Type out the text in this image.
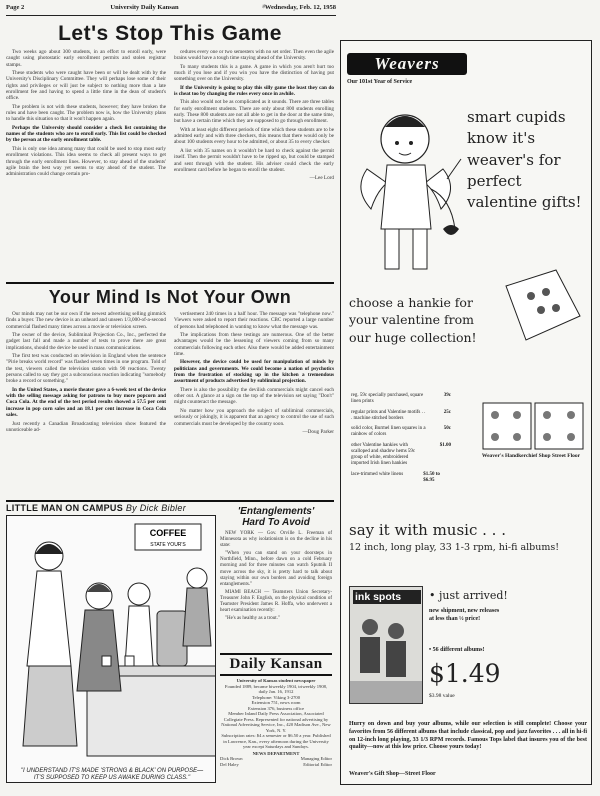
Page 2	University Daily Kansan	Wednesday, Feb. 12, 1958
Let's Stop This Game

Two weeks ago about 300 students, in an effort to enroll early, were caught using photostatic early enrollment permits and stolen registrar stamps.

These students who were caught have been or will be dealt with by the University's Disciplinary Committee. They will perhaps lose some of their rights and privileges or will just be subject to nothing more than a late enrollment fee and having to spend a little time in the dean of student's office.

The problem is not with these students, however; they have broken the rules and have been caught. The problem now is, how the University plans to handle this situation so that it won't happen again.

Perhaps the University should consider a check list containing the names of the students who are to enroll early. This list could be checked by the person at the early enrollment table.

This is only one idea among many that could be used to stop most early enrollment violations. This idea seems to check all present ways to get through the early enrollment lines. However, to stay ahead of the students' agile brain the best way yet seems to stay ahead of the student. The administration could change certain pro-

cedures every one or two semesters with no set order. Then even the agile brains would have a tough time staying ahead of the University.

To many students this is a game. A game in which you aren't hurt too much if you lose and if you win you have the distinction of having put something over on the University.

If the University is going to play this silly game the least they can do is cheat too by changing the rules every once in awhile.

This also would not be as complicated as it sounds. There are three tables for early enrollment students. There are only about 800 students enrolling early. These 800 students are not all able to get in the door at the same time, but have a certain time which they are supposed to go through enrollment.

With at least eight different periods of time which these students are to be admitted early and with three checkers, this means that there would only be about 100 students every hour to be admitted, or about 35 to every checker.

A list with 35 names on it wouldn't be hard to check against the permit itself. Then the permit wouldn't have to be ripped up, but could be stamped and sent through with the student. His adviser could check the early enrollment card before he began to enroll the student.

—Lee Lord

Your Mind Is Not Your Own

Our minds may not be our own if the newest advertising selling gimmick finds a buyer. The new device is an unheard and unseen 1/3,000-of-a-second commercial flashed many times across a movie or television screen.

The owner of the device, Subliminal Projection Co., Inc., perfected the gadget last fall and made a number of tests to prove there are great implications, should the device be used in mass communications.

The first test was conducted on television in England when the sentence "Pirie breaks world record" was flashed seven times in one program. Told of the test, viewers called the television station with 90 reactions. Twenty persons called to say they got a subconscious reaction indicating "somebody broke a record or something."

In the United States, a movie theater gave a 6-week test of the device with the selling message asking for patrons to buy more popcorn and Coca Cola. At the end of the test period results showed a 57.5 per cent increase in pop corn sales and an 18.1 per cent increase in Coca Cola sales.

Just recently a Canadian Broadcasting television show featured the unnoticeable ad-

vertisement 240 times in a half hour. The message was "telephone now." Viewers were asked to report their reactions. CBC reported a large number of persons had telephoned in wanting to know what the message was.

The implications from these testings are numerous. One of the better advantages would be the lessening of viewers coming from so many commercials following each other. Also there would be added entertainment time.

However, the device could be used for manipulation of minds by politicians and governments. We could become a nation of psychotics from the frustration of stocking up in the kitchen a tremendous assortment of products advertised by subliminal projection.

There is also the possibility the devilish commercials might cancel each other out. A glance at a sign on the top of the television set saying "Don't" might counteract the message.

No matter how you approach the subject of subliminal commercials, seriously or jokingly, it is apparent that an agency to control the use of such commercials must be developed by the country soon.

—Doug Parker

LITTLE MAN ON CAMPUS By Dick Bibler
COFFEE
STATE YOUR'S
"I UNDERSTAND IT'S MADE 'STRONG & BLACK' ON PURPOSE—
IT'S SUPPOSED TO KEEP US AWAKE DURING CLASS."
'Entanglements'
Hard To Avoid

NEW YORK — Gov. Orville L. Freeman of Minnesota as why isolationism is on the decline in his state:

"When you can stand on your doorsteps in Northfield, Minn., before dawn on a cold February morning and for three minutes can watch Sputnik II move across the sky, it is pretty hard to talk about staying within our own borders and avoiding foreign entanglements."

MIAMI BEACH — Teamsters Union Secretary-Treasurer John F. English, on the physical condition of Teamster President James R. Hoffa, who underwent a heart examination recently:

"He's as healthy as a trout."

Daily Kansan
University of Kansas student newspaper
Founded 1889, became biweekly 1904, triweekly 1908, daily Jan. 16, 1912
Telephone: Viking 3-2700
Extension 751, news room
Extension 376, business office
Member Inland Daily Press Association, Associated Collegiate Press. Represented for national advertising by National Advertising Service, Inc., 420 Madison Ave., New York, N. Y.
Subscription rates: $4 a semester or $6.50 a year. Published in Lawrence, Kan., every afternoon during the University year except Saturdays and Sundays.
NEWS DEPARTMENT
Dick Brown	Managing Editor
Del Haley	Editorial Editor
Weavers
Our 101st Year of Service
smart cupids know it's weaver's for perfect valentine gifts!
choose a hankie for your valentine from our huge collection!
reg. 59c specially purchased, square linen prints
39c
regular prints and Valentine motifs . . . machine stitched borders
25c
solid color, Burmel linen squares in a rainbow of colors
50c
other Valentine hankies with scalloped and shadow hems 59c group of white, embroidered imported Irish linen hankies
$1.00
lace-trimmed white linens	$1.50 to $6.95
Weaver's Handkerchief Shop Street Floor
say it with music . . .
12 inch, long play, 33 1-3 rpm, hi-fi albums!
ink spots	• just arrived!
new shipment, new releases at less than ½ price!
• 56 different albums!
$1.49
$3.98 value
Hurry on down and buy your albums, while our selection is still complete! Choose your favorites from 56 different albums that include classical, pop and jazz favorites . . . all in hi-fi on 12-inch long playing, 33 1/3 RPM records. Famous Tops label that insures you of the best quality—now at this low price. Choose yours today!
Weaver's Gift Shop—Street Floor
⁕
